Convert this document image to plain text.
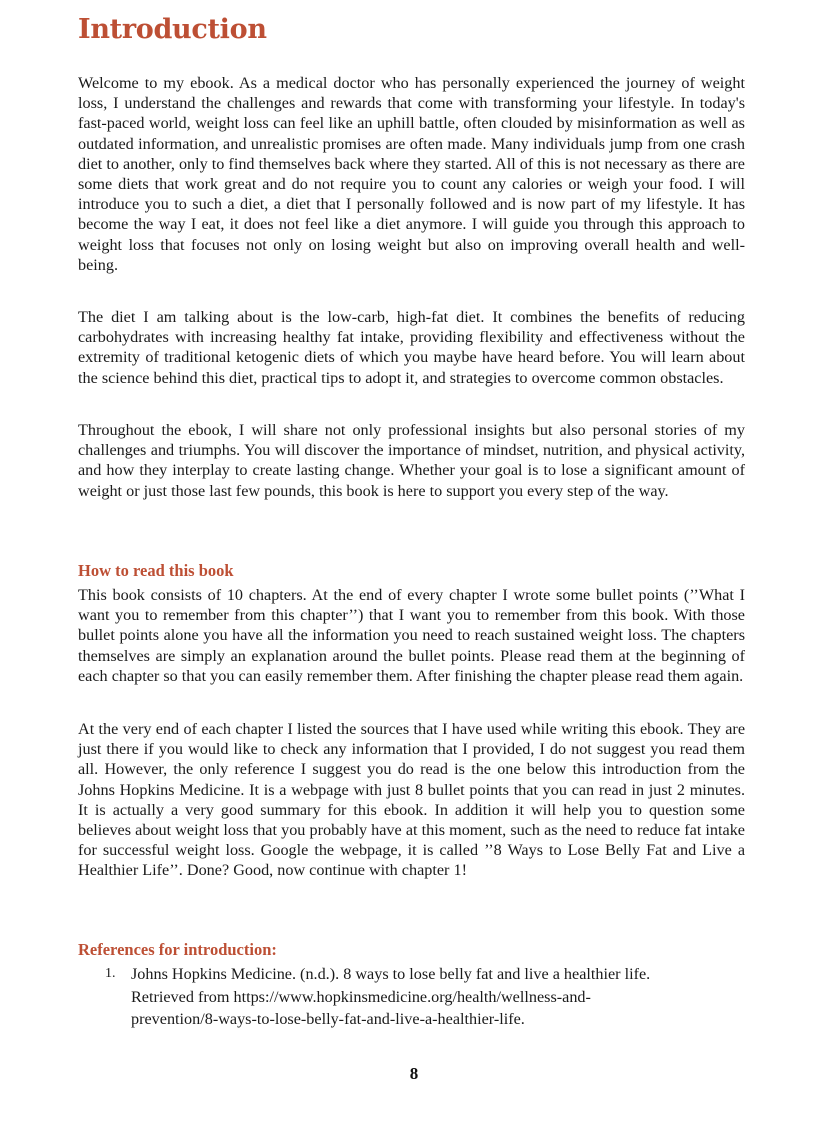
Introduction

Welcome to my ebook. As a medical doctor who has personally experienced the journey of weight loss, I understand the challenges and rewards that come with transforming your lifestyle. In today's fast-paced world, weight loss can feel like an uphill battle, often clouded by misinformation as well as outdated information, and unrealistic promises are often made. Many individuals jump from one crash diet to another, only to find themselves back where they started. All of this is not necessary as there are some diets that work great and do not require you to count any calories or weigh your food. I will introduce you to such a diet, a diet that I personally followed and is now part of my lifestyle. It has become the way I eat, it does not feel like a diet anymore. I will guide you through this approach to weight loss that focuses not only on losing weight but also on improving overall health and well-being.

The diet I am talking about is the low-carb, high-fat diet. It combines the benefits of reducing carbohydrates with increasing healthy fat intake, providing flexibility and effectiveness without the extremity of traditional ketogenic diets of which you maybe have heard before. You will learn about the science behind this diet, practical tips to adopt it, and strategies to overcome common obstacles.

Throughout the ebook, I will share not only professional insights but also personal stories of my challenges and triumphs. You will discover the importance of mindset, nutrition, and physical activity, and how they interplay to create lasting change. Whether your goal is to lose a significant amount of weight or just those last few pounds, this book is here to support you every step of the way.

How to read this book

This book consists of 10 chapters. At the end of every chapter I wrote some bullet points (’’What I want you to remember from this chapter’’) that I want you to remember from this book. With those bullet points alone you have all the information you need to reach sustained weight loss. The chapters themselves are simply an explanation around the bullet points. Please read them at the beginning of each chapter so that you can easily remember them. After finishing the chapter please read them again.

At the very end of each chapter I listed the sources that I have used while writing this ebook. They are just there if you would like to check any information that I provided, I do not suggest you read them all. However, the only reference I suggest you do read is the one below this introduction from the Johns Hopkins Medicine. It is a webpage with just 8 bullet points that you can read in just 2 minutes. It is actually a very good summary for this ebook. In addition it will help you to question some believes about weight loss that you probably have at this moment, such as the need to reduce fat intake for successful weight loss. Google the webpage, it is called ’’8 Ways to Lose Belly Fat and Live a Healthier Life’’. Done? Good, now continue with chapter 1!

References for introduction:
1. Johns Hopkins Medicine. (n.d.). 8 ways to lose belly fat and live a healthier life.
Retrieved from https://www.hopkinsmedicine.org/health/wellness-and-
prevention/8-ways-to-lose-belly-fat-and-live-a-healthier-life.
8
